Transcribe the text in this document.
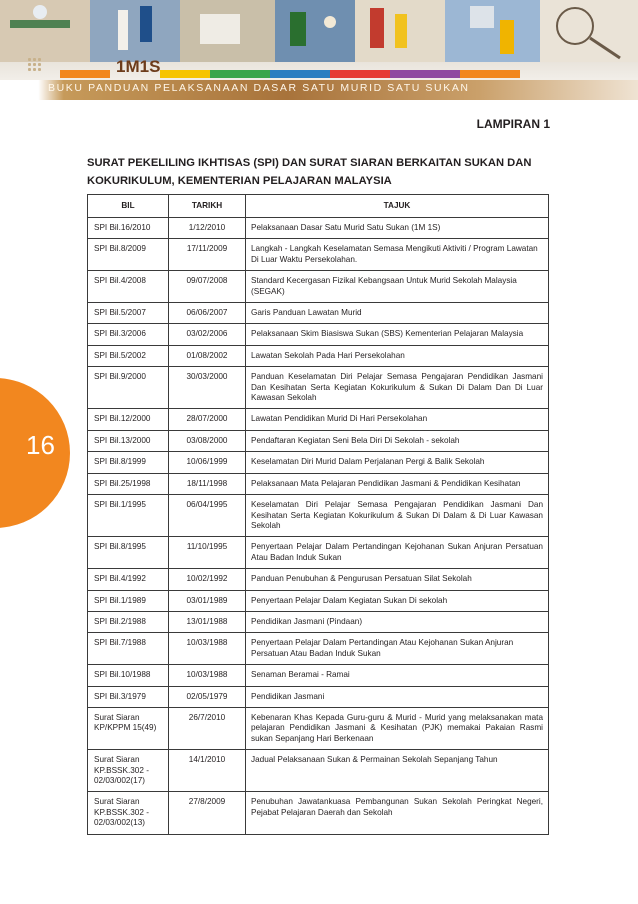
1M1S
BUKU PANDUAN PELAKSANAAN DASAR SATU MURID SATU SUKAN
16
LAMPIRAN 1
SURAT PEKELILING IKHTISAS (SPI) DAN SURAT SIARAN BERKAITAN SUKAN DAN KOKURIKULUM, KEMENTERIAN PELAJARAN MALAYSIA
BIL	TARIKH	TAJUK
SPI Bil.16/2010	1/12/2010	Pelaksanaan Dasar Satu Murid Satu Sukan (1M 1S)
SPI Bil.8/2009	17/11/2009	Langkah - Langkah Keselamatan Semasa Mengikuti Aktiviti / Program Lawatan Di Luar Waktu Persekolahan.
SPI Bil.4/2008	09/07/2008	Standard Kecergasan Fizikal Kebangsaan Untuk Murid Sekolah Malaysia (SEGAK)
SPI Bil.5/2007	06/06/2007	Garis Panduan Lawatan Murid
SPI Bil.3/2006	03/02/2006	Pelaksanaan Skim Biasiswa Sukan (SBS) Kementerian Pelajaran Malaysia
SPI Bil.5/2002	01/08/2002	Lawatan Sekolah Pada Hari Persekolahan
SPI Bil.9/2000	30/03/2000	Panduan Keselamatan Diri Pelajar Semasa Pengajaran Pendidikan Jasmani Dan Kesihatan Serta Kegiatan Kokurikulum & Sukan Di Dalam Dan Di Luar Kawasan Sekolah
SPI Bil.12/2000	28/07/2000	Lawatan Pendidikan Murid Di Hari Persekolahan
SPI Bil.13/2000	03/08/2000	Pendaftaran Kegiatan Seni Bela Diri Di Sekolah - sekolah
SPI Bil.8/1999	10/06/1999	Keselamatan Diri Murid Dalam Perjalanan Pergi & Balik Sekolah
SPI Bil.25/1998	18/11/1998	Pelaksanaan Mata Pelajaran Pendidikan Jasmani & Pendidikan Kesihatan
SPI Bil.1/1995	06/04/1995	Keselamatan Diri Pelajar Semasa Pengajaran Pendidikan Jasmani Dan Kesihatan Serta Kegiatan Kokurikulum & Sukan Di Dalam & Di Luar Kawasan Sekolah
SPI Bil.8/1995	11/10/1995	Penyertaan Pelajar Dalam Pertandingan Kejohanan Sukan Anjuran Persatuan Atau Badan Induk Sukan
SPI Bil.4/1992	10/02/1992	Panduan Penubuhan & Pengurusan Persatuan Silat Sekolah
SPI Bil.1/1989	03/01/1989	Penyertaan Pelajar Dalam Kegiatan Sukan Di sekolah
SPI Bil.2/1988	13/01/1988	Pendidikan Jasmani (Pindaan)
SPI Bil.7/1988	10/03/1988	Penyertaan Pelajar Dalam Pertandingan Atau Kejohanan Sukan Anjuran Persatuan Atau Badan Induk Sukan
SPI Bil.10/1988	10/03/1988	Senaman Beramai - Ramai
SPI Bil.3/1979	02/05/1979	Pendidikan Jasmani
Surat Siaran KP/KPPM 15(49)	26/7/2010	Kebenaran Khas Kepada Guru-guru & Murid - Murid yang melaksanakan mata pelajaran Pendidikan Jasmani & Kesihatan (PJK) memakai Pakaian Rasmi sukan Sepanjang Hari Berkenaan
Surat Siaran KP.BSSK.302 - 02/03/002(17)	14/1/2010	Jadual Pelaksanaan Sukan & Permainan Sekolah Sepanjang Tahun
Surat Siaran KP.BSSK.302 - 02/03/002(13)	27/8/2009	Penubuhan Jawatankuasa Pembangunan Sukan Sekolah Peringkat Negeri, Pejabat Pelajaran Daerah dan Sekolah
